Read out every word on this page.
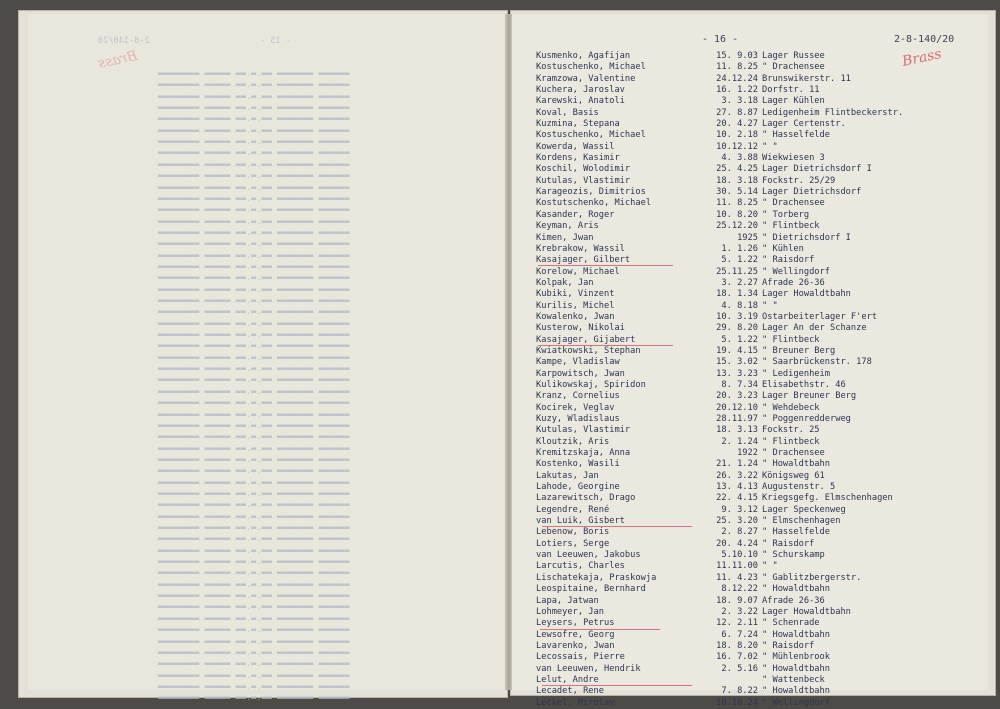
- 15 -
2-8-140/20
Brass
▬▬▬▬▬▬ ▬▬▬▬▬▬▬ ▬▬.▬.▬▬ ▬▬▬▬▬ ▬▬▬▬▬▬▬▬
▬▬▬▬▬▬ ▬▬▬▬▬▬▬ ▬▬.▬.▬▬ ▬▬▬▬▬ ▬▬▬▬▬▬▬▬
▬▬▬▬▬▬ ▬▬▬▬▬▬▬ ▬▬.▬.▬▬ ▬▬▬▬▬ ▬▬▬▬▬▬▬▬
▬▬▬▬▬▬ ▬▬▬▬▬▬▬ ▬▬.▬.▬▬ ▬▬▬▬▬ ▬▬▬▬▬▬▬▬
▬▬▬▬▬▬ ▬▬▬▬▬▬▬ ▬▬.▬.▬▬ ▬▬▬▬▬ ▬▬▬▬▬▬▬▬
▬▬▬▬▬▬ ▬▬▬▬▬▬▬ ▬▬.▬.▬▬ ▬▬▬▬▬ ▬▬▬▬▬▬▬▬
▬▬▬▬▬▬ ▬▬▬▬▬▬▬ ▬▬.▬.▬▬ ▬▬▬▬▬ ▬▬▬▬▬▬▬▬
▬▬▬▬▬▬ ▬▬▬▬▬▬▬ ▬▬.▬.▬▬ ▬▬▬▬▬ ▬▬▬▬▬▬▬▬
▬▬▬▬▬▬ ▬▬▬▬▬▬▬ ▬▬.▬.▬▬ ▬▬▬▬▬ ▬▬▬▬▬▬▬▬
▬▬▬▬▬▬ ▬▬▬▬▬▬▬ ▬▬.▬.▬▬ ▬▬▬▬▬ ▬▬▬▬▬▬▬▬
▬▬▬▬▬▬ ▬▬▬▬▬▬▬ ▬▬.▬.▬▬ ▬▬▬▬▬ ▬▬▬▬▬▬▬▬
▬▬▬▬▬▬ ▬▬▬▬▬▬▬ ▬▬.▬.▬▬ ▬▬▬▬▬ ▬▬▬▬▬▬▬▬
▬▬▬▬▬▬ ▬▬▬▬▬▬▬ ▬▬.▬.▬▬ ▬▬▬▬▬ ▬▬▬▬▬▬▬▬
▬▬▬▬▬▬ ▬▬▬▬▬▬▬ ▬▬.▬.▬▬ ▬▬▬▬▬ ▬▬▬▬▬▬▬▬
▬▬▬▬▬▬ ▬▬▬▬▬▬▬ ▬▬.▬.▬▬ ▬▬▬▬▬ ▬▬▬▬▬▬▬▬
▬▬▬▬▬▬ ▬▬▬▬▬▬▬ ▬▬.▬.▬▬ ▬▬▬▬▬ ▬▬▬▬▬▬▬▬
▬▬▬▬▬▬ ▬▬▬▬▬▬▬ ▬▬.▬.▬▬ ▬▬▬▬▬ ▬▬▬▬▬▬▬▬
▬▬▬▬▬▬ ▬▬▬▬▬▬▬ ▬▬.▬.▬▬ ▬▬▬▬▬ ▬▬▬▬▬▬▬▬
▬▬▬▬▬▬ ▬▬▬▬▬▬▬ ▬▬.▬.▬▬ ▬▬▬▬▬ ▬▬▬▬▬▬▬▬
▬▬▬▬▬▬ ▬▬▬▬▬▬▬ ▬▬.▬.▬▬ ▬▬▬▬▬ ▬▬▬▬▬▬▬▬
▬▬▬▬▬▬ ▬▬▬▬▬▬▬ ▬▬.▬.▬▬ ▬▬▬▬▬ ▬▬▬▬▬▬▬▬
▬▬▬▬▬▬ ▬▬▬▬▬▬▬ ▬▬.▬.▬▬ ▬▬▬▬▬ ▬▬▬▬▬▬▬▬
▬▬▬▬▬▬ ▬▬▬▬▬▬▬ ▬▬.▬.▬▬ ▬▬▬▬▬ ▬▬▬▬▬▬▬▬
▬▬▬▬▬▬ ▬▬▬▬▬▬▬ ▬▬.▬.▬▬ ▬▬▬▬▬ ▬▬▬▬▬▬▬▬
▬▬▬▬▬▬ ▬▬▬▬▬▬▬ ▬▬.▬.▬▬ ▬▬▬▬▬ ▬▬▬▬▬▬▬▬
▬▬▬▬▬▬ ▬▬▬▬▬▬▬ ▬▬.▬.▬▬ ▬▬▬▬▬ ▬▬▬▬▬▬▬▬
▬▬▬▬▬▬ ▬▬▬▬▬▬▬ ▬▬.▬.▬▬ ▬▬▬▬▬ ▬▬▬▬▬▬▬▬
▬▬▬▬▬▬ ▬▬▬▬▬▬▬ ▬▬.▬.▬▬ ▬▬▬▬▬ ▬▬▬▬▬▬▬▬
▬▬▬▬▬▬ ▬▬▬▬▬▬▬ ▬▬.▬.▬▬ ▬▬▬▬▬ ▬▬▬▬▬▬▬▬
▬▬▬▬▬▬ ▬▬▬▬▬▬▬ ▬▬.▬.▬▬ ▬▬▬▬▬ ▬▬▬▬▬▬▬▬
▬▬▬▬▬▬ ▬▬▬▬▬▬▬ ▬▬.▬.▬▬ ▬▬▬▬▬ ▬▬▬▬▬▬▬▬
▬▬▬▬▬▬ ▬▬▬▬▬▬▬ ▬▬.▬.▬▬ ▬▬▬▬▬ ▬▬▬▬▬▬▬▬
▬▬▬▬▬▬ ▬▬▬▬▬▬▬ ▬▬.▬.▬▬ ▬▬▬▬▬ ▬▬▬▬▬▬▬▬
▬▬▬▬▬▬ ▬▬▬▬▬▬▬ ▬▬.▬.▬▬ ▬▬▬▬▬ ▬▬▬▬▬▬▬▬
▬▬▬▬▬▬ ▬▬▬▬▬▬▬ ▬▬.▬.▬▬ ▬▬▬▬▬ ▬▬▬▬▬▬▬▬
▬▬▬▬▬▬ ▬▬▬▬▬▬▬ ▬▬.▬.▬▬ ▬▬▬▬▬ ▬▬▬▬▬▬▬▬
▬▬▬▬▬▬ ▬▬▬▬▬▬▬ ▬▬.▬.▬▬ ▬▬▬▬▬ ▬▬▬▬▬▬▬▬
▬▬▬▬▬▬ ▬▬▬▬▬▬▬ ▬▬.▬.▬▬ ▬▬▬▬▬ ▬▬▬▬▬▬▬▬
▬▬▬▬▬▬ ▬▬▬▬▬▬▬ ▬▬.▬.▬▬ ▬▬▬▬▬ ▬▬▬▬▬▬▬▬
▬▬▬▬▬▬ ▬▬▬▬▬▬▬ ▬▬.▬.▬▬ ▬▬▬▬▬ ▬▬▬▬▬▬▬▬
▬▬▬▬▬▬ ▬▬▬▬▬▬▬ ▬▬.▬.▬▬ ▬▬▬▬▬ ▬▬▬▬▬▬▬▬
▬▬▬▬▬▬ ▬▬▬▬▬▬▬ ▬▬.▬.▬▬ ▬▬▬▬▬ ▬▬▬▬▬▬▬▬
▬▬▬▬▬▬ ▬▬▬▬▬▬▬ ▬▬.▬.▬▬ ▬▬▬▬▬ ▬▬▬▬▬▬▬▬
▬▬▬▬▬▬ ▬▬▬▬▬▬▬ ▬▬.▬.▬▬ ▬▬▬▬▬ ▬▬▬▬▬▬▬▬
▬▬▬▬▬▬ ▬▬▬▬▬▬▬ ▬▬.▬.▬▬ ▬▬▬▬▬ ▬▬▬▬▬▬▬▬
▬▬▬▬▬▬ ▬▬▬▬▬▬▬ ▬▬.▬.▬▬ ▬▬▬▬▬ ▬▬▬▬▬▬▬▬
▬▬▬▬▬▬ ▬▬▬▬▬▬▬ ▬▬.▬.▬▬ ▬▬▬▬▬ ▬▬▬▬▬▬▬▬
▬▬▬▬▬▬ ▬▬▬▬▬▬▬ ▬▬.▬.▬▬ ▬▬▬▬▬ ▬▬▬▬▬▬▬▬
▬▬▬▬▬▬ ▬▬▬▬▬▬▬ ▬▬.▬.▬▬ ▬▬▬▬▬ ▬▬▬▬▬▬▬▬
▬▬▬▬▬▬ ▬▬▬▬▬▬▬ ▬▬.▬.▬▬ ▬▬▬▬▬ ▬▬▬▬▬▬▬▬
▬▬▬▬▬▬ ▬▬▬▬▬▬▬ ▬▬.▬.▬▬ ▬▬▬▬▬ ▬▬▬▬▬▬▬▬
▬▬▬▬▬▬ ▬▬▬▬▬▬▬ ▬▬.▬.▬▬ ▬▬▬▬▬ ▬▬▬▬▬▬▬▬
▬▬▬▬▬▬ ▬▬▬▬▬▬▬ ▬▬.▬.▬▬ ▬▬▬▬▬ ▬▬▬▬▬▬▬▬
▬▬▬▬▬▬ ▬▬▬▬▬▬▬ ▬▬.▬.▬▬ ▬▬▬▬▬ ▬▬▬▬▬▬▬▬
▬▬▬▬▬▬ ▬▬▬▬▬▬▬ ▬▬.▬.▬▬ ▬▬▬▬▬ ▬▬▬▬▬▬▬▬
▬▬▬▬▬▬ ▬▬▬▬▬▬▬ ▬▬.▬.▬▬ ▬▬▬▬▬ ▬▬▬▬▬▬▬▬
- 16 -	2-8-140/20
Brass
Kusmenko, Agafijan	15. 9.03 Lager Russee
Kostuschenko, Michael	11. 8.25 " Drachensee
Kramzowa, Valentine	24.12.24 Brunswikerstr. 11
Kuchera, Jaroslav	16. 1.22 Dorfstr. 11
Karewski, Anatoli	3. 3.18 Lager Kühlen
Koval, Basis	27. 8.87 Ledigenheim Flintbeckerstr.
Kuzmina, Stepana	20. 4.27 Lager Certenstr.
Kostuschenko, Michael	10. 2.18 " Hasselfelde
Kowerda, Wassil	10.12.12 " "
Kordens, Kasimir	4. 3.88 Wiekwiesen 3
Koschil, Wolodimir	25. 4.25 Lager Dietrichsdorf I
Kutulas, Vlastimir	18. 3.18 Fockstr. 25/29
Karageozis, Dimitrios	30. 5.14 Lager Dietrichsdorf
Kostutschenko, Michael	11. 8.25 " Drachensee
Kasander, Roger	10. 8.20 " Torberg
Keyman, Aris	25.12.20 " Flintbeck
Kimen, Jwan	1925 " Dietrichsdorf I
Krebrakow, Wassil	1. 1.26 " Kühlen
Kasajager, Gilbert	5. 1.22 " Raisdorf
Korelow, Michael	25.11.25 " Wellingdorf
Kolpak, Jan	3. 2.27 Afrade 26-36
Kubiki, Vinzent	18. 1.34 Lager Howaldtbahn
Kurilis, Michel	4. 8.18 " "
Kowalenko, Jwan	10. 3.19 Ostarbeiterlager F'ert
Kusterow, Nikolai	29. 8.20 Lager An der Schanze
Kasajager, Gijabert	5. 1.22 " Flintbeck
Kwiatkowski, Stephan	19. 4.15 " Breuner Berg
Kampe, Vladislaw	15. 3.02 " Saarbrückenstr. 178
Karpowitsch, Jwan	13. 3.23 " Ledigenheim
Kulikowskaj, Spiridon	8. 7.34 Elisabethstr. 46
Kranz, Cornelius	20. 3.23 Lager Breuner Berg
Kocirek, Veglav	20.12.10 " Wehdebeck
Kuzy, Wladislaus	28.11.97 " Poggenredderweg
Kutulas, Vlastimir	18. 3.13 Fockstr. 25
Kloutzik, Aris	2. 1.24 " Flintbeck
Kremitzskaja, Anna	1922 " Drachensee
Kostenko, Wasili	21. 1.24 " Howaldtbahn
Lakutas, Jan	26. 3.22 Königsweg 61
Lahode, Georgine	13. 4.13 Augustenstr. 5
Lazarewitsch, Drago	22. 4.15 Kriegsgefg. Elmschenhagen
Legendre, René	9. 3.12 Lager Speckenweg
van Luik, Gisbert	25. 3.20 " Elmschenhagen
Lebenow, Boris	2. 8.27 " Hasselfelde
Lotiers, Serge	20. 4.24 " Raisdorf
van Leeuwen, Jakobus	5.10.10 " Schurskamp
Larcutis, Charles	11.11.00 " "
Lischatekaja, Praskowja	11. 4.23 " Gablitzbergerstr.
Leospitaine, Bernhard	8.12.22 " Howaldtbahn
Lapa, Jatwan	18. 9.07 Afrade 26-36
Lohmeyer, Jan	2. 3.22 Lager Howaldtbahn
Leysers, Petrus	12. 2.11 " Schenrade
Lewsofre, Georg	6. 7.24 " Howaldtbahn
Lavarenko, Jwan	18. 8.20 " Raisdorf
Lecossais, Pierre	16. 7.02 " Mühlenbrook
van Leeuwen, Hendrik	2. 5.16 " Howaldtbahn
Lelut, Andre	" Wattenbeck
Lecadet, Rene	7. 8.22 " Howaldtbahn
Leckel, Mirolav	10.10.24 " Wellingdorf
